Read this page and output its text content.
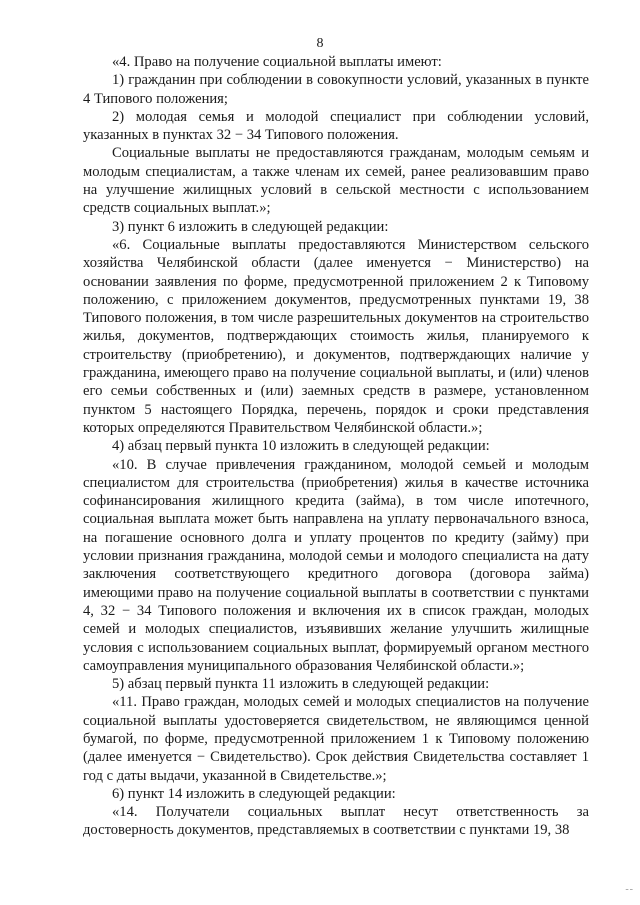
8

«4. Право на получение социальной выплаты имеют:

1) гражданин при соблюдении в совокупности условий, указанных в пункте 4 Типового положения;

2) молодая семья и молодой специалист при соблюдении условий, указанных в пунктах 32 − 34 Типового положения.

Социальные выплаты не предоставляются гражданам, молодым семьям и молодым специалистам, а также членам их семей, ранее реализовавшим право на улучшение жилищных условий в сельской местности с использованием средств социальных выплат.»;

3) пункт 6 изложить в следующей редакции:

«6. Социальные выплаты предоставляются Министерством сельского хозяйства Челябинской области (далее именуется − Министерство) на основании заявления по форме, предусмотренной приложением 2 к Типовому положению, с приложением документов, предусмотренных пунктами 19, 38 Типового положения, в том числе разрешительных документов на строительство жилья, документов, подтверждающих стоимость жилья, планируемого к строительству (приобретению), и документов, подтверждающих наличие у гражданина, имеющего право на получение социальной выплаты, и (или) членов его семьи собственных и (или) заемных средств в размере, установленном пунктом 5 настоящего Порядка, перечень, порядок и сроки представления которых определяются Правительством Челябинской области.»;

4) абзац первый пункта 10 изложить в следующей редакции:

«10. В случае привлечения гражданином, молодой семьей и молодым специалистом для строительства (приобретения) жилья в качестве источника софинансирования жилищного кредита (займа), в том числе ипотечного, социальная выплата может быть направлена на уплату первоначального взноса, на погашение основного долга и уплату процентов по кредиту (займу) при условии признания гражданина, молодой семьи и молодого специалиста на дату заключения соответствующего кредитного договора (договора займа) имеющими право на получение социальной выплаты в соответствии с пунктами 4, 32 − 34 Типового положения и включения их в список граждан, молодых семей и молодых специалистов, изъявивших желание улучшить жилищные условия с использованием социальных выплат, формируемый органом местного самоуправления муниципального образования Челябинской области.»;

5) абзац первый пункта 11 изложить в следующей редакции:

«11. Право граждан, молодых семей и молодых специалистов на получение социальной выплаты удостоверяется свидетельством, не являющимся ценной бумагой, по форме, предусмотренной приложением 1 к Типовому положению (далее именуется − Свидетельство). Срок действия Свидетельства составляет 1 год с даты выдачи, указанной в Свидетельстве.»;

6) пункт 14 изложить в следующей редакции:

«14. Получатели социальных выплат несут ответственность за достоверность документов, представляемых в соответствии с пунктами 19, 38

--
